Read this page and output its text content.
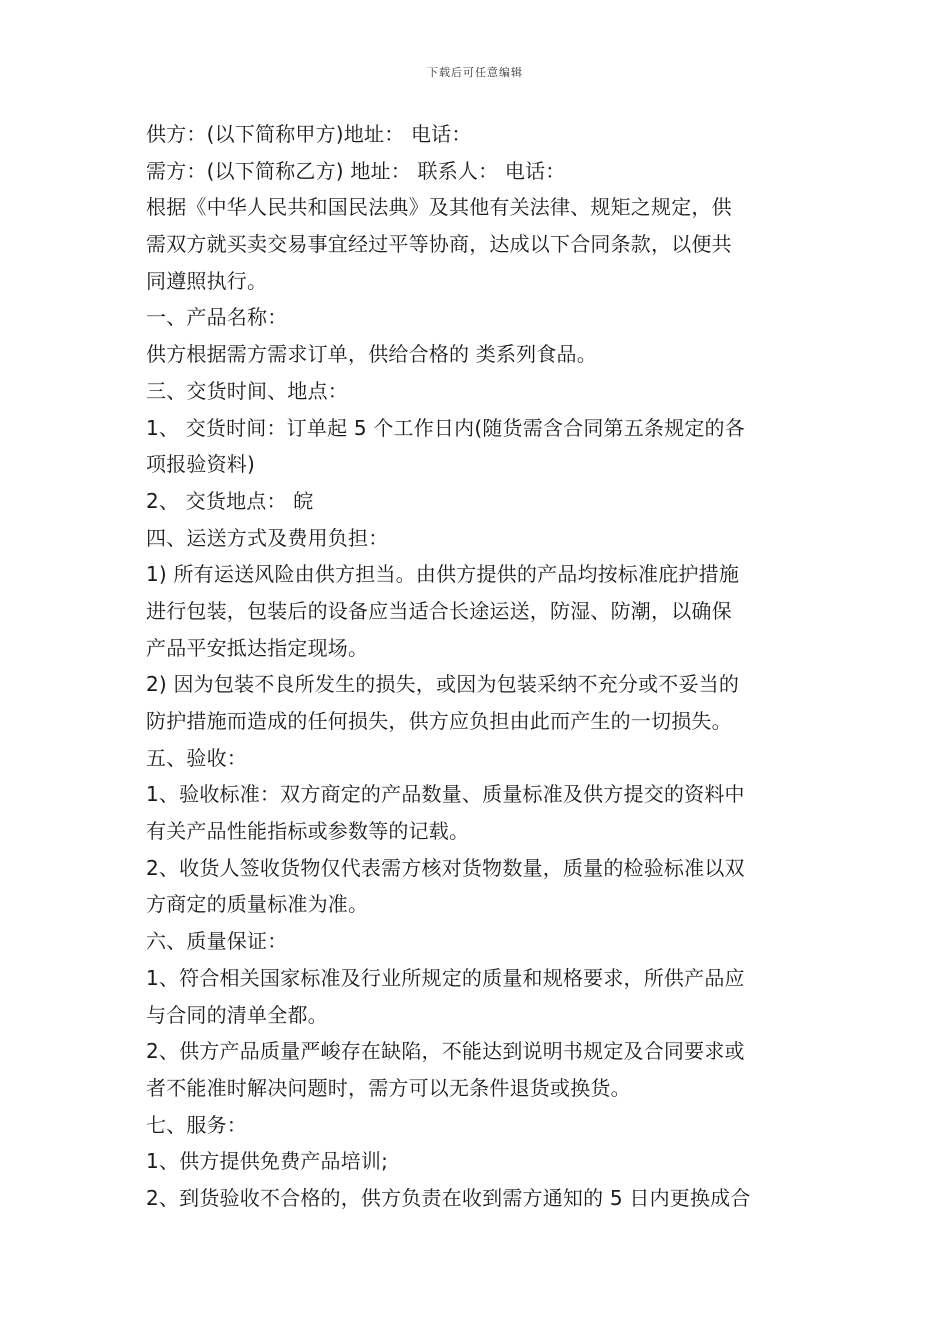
下载后可任意编辑
供方：(以下简称甲方)地址： 电话：
需方：(以下简称乙方) 地址： 联系人： 电话：
根据《中华人民共和国民法典》及其他有关法律、规矩之规定，供
需双方就买卖交易事宜经过平等协商，达成以下合同条款，以便共
同遵照执行。
一、产品名称：
供方根据需方需求订单，供给合格的 类系列食品。
三、交货时间、地点：
1、 交货时间：订单起 5 个工作日内(随货需含合同第五条规定的各
项报验资料)
2、 交货地点： 皖
四、运送方式及费用负担：
1) 所有运送风险由供方担当。由供方提供的产品均按标准庇护措施
进行包装，包装后的设备应当适合长途运送，防湿、防潮，以确保
产品平安抵达指定现场。
2) 因为包装不良所发生的损失，或因为包装采纳不充分或不妥当的
防护措施而造成的任何损失，供方应负担由此而产生的一切损失。
五、验收：
1、验收标准：双方商定的产品数量、质量标准及供方提交的资料中
有关产品性能指标或参数等的记载。
2、收货人签收货物仅代表需方核对货物数量，质量的检验标准以双
方商定的质量标准为准。
六、质量保证：
1、符合相关国家标准及行业所规定的质量和规格要求，所供产品应
与合同的清单全都。
2、供方产品质量严峻存在缺陷，不能达到说明书规定及合同要求或
者不能准时解决问题时，需方可以无条件退货或换货。
七、服务：
1、供方提供免费产品培训;
2、到货验收不合格的，供方负责在收到需方通知的 5 日内更换成合
